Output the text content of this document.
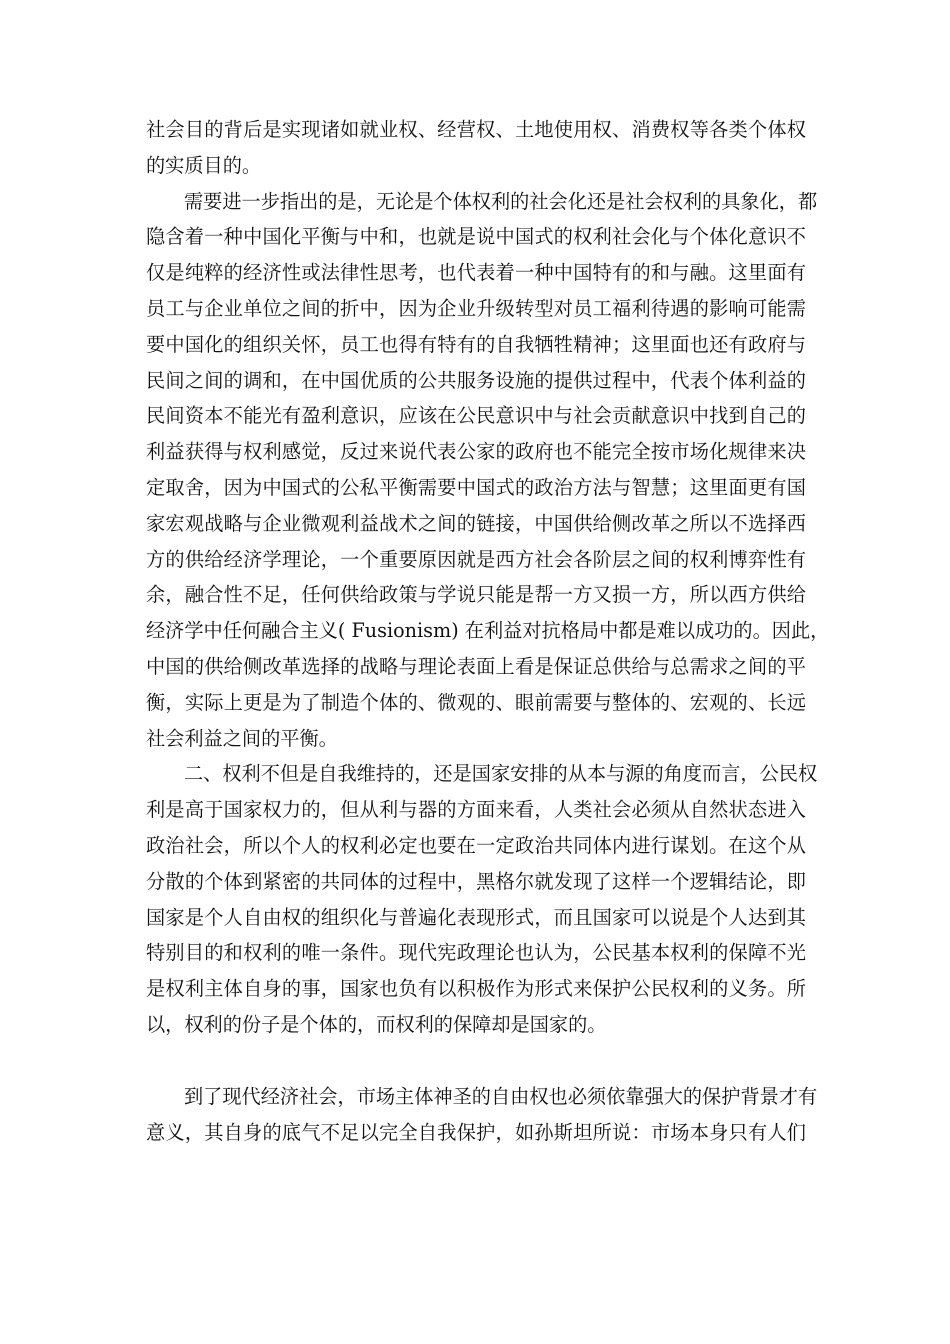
社会目的背后是实现诸如就业权、经营权、土地使用权、消费权等各类个体权
的实质目的。
需要进一步指出的是，无论是个体权利的社会化还是社会权利的具象化，都
隐含着一种中国化平衡与中和，也就是说中国式的权利社会化与个体化意识不
仅是纯粹的经济性或法律性思考，也代表着一种中国特有的和与融。这里面有
员工与企业单位之间的折中，因为企业升级转型对员工福利待遇的影响可能需
要中国化的组织关怀，员工也得有特有的自我牺牲精神；这里面也还有政府与
民间之间的调和，在中国优质的公共服务设施的提供过程中，代表个体利益的
民间资本不能光有盈利意识，应该在公民意识中与社会贡献意识中找到自己的
利益获得与权利感觉，反过来说代表公家的政府也不能完全按市场化规律来决
定取舍，因为中国式的公私平衡需要中国式的政治方法与智慧；这里面更有国
家宏观战略与企业微观利益战术之间的链接，中国供给侧改革之所以不选择西
方的供给经济学理论，一个重要原因就是西方社会各阶层之间的权利博弈性有
余，融合性不足，任何供给政策与学说只能是帮一方又损一方，所以西方供给
经济学中任何融合主义( Fusionism) 在利益对抗格局中都是难以成功的。因此，
中国的供给侧改革选择的战略与理论表面上看是保证总供给与总需求之间的平
衡，实际上更是为了制造个体的、微观的、眼前需要与整体的、宏观的、长远
社会利益之间的平衡。
二、权利不但是自我维持的，还是国家安排的从本与源的角度而言，公民权
利是高于国家权力的，但从利与器的方面来看，人类社会必须从自然状态进入
政治社会，所以个人的权利必定也要在一定政治共同体内进行谋划。在这个从
分散的个体到紧密的共同体的过程中，黑格尔就发现了这样一个逻辑结论，即
国家是个人自由权的组织化与普遍化表现形式，而且国家可以说是个人达到其
特别目的和权利的唯一条件。现代宪政理论也认为，公民基本权利的保障不光
是权利主体自身的事，国家也负有以积极作为形式来保护公民权利的义务。所
以，权利的份子是个体的，而权利的保障却是国家的。
到了现代经济社会，市场主体神圣的自由权也必须依靠强大的保护背景才有
意义，其自身的底气不足以完全自我保护，如孙斯坦所说：市场本身只有人们
